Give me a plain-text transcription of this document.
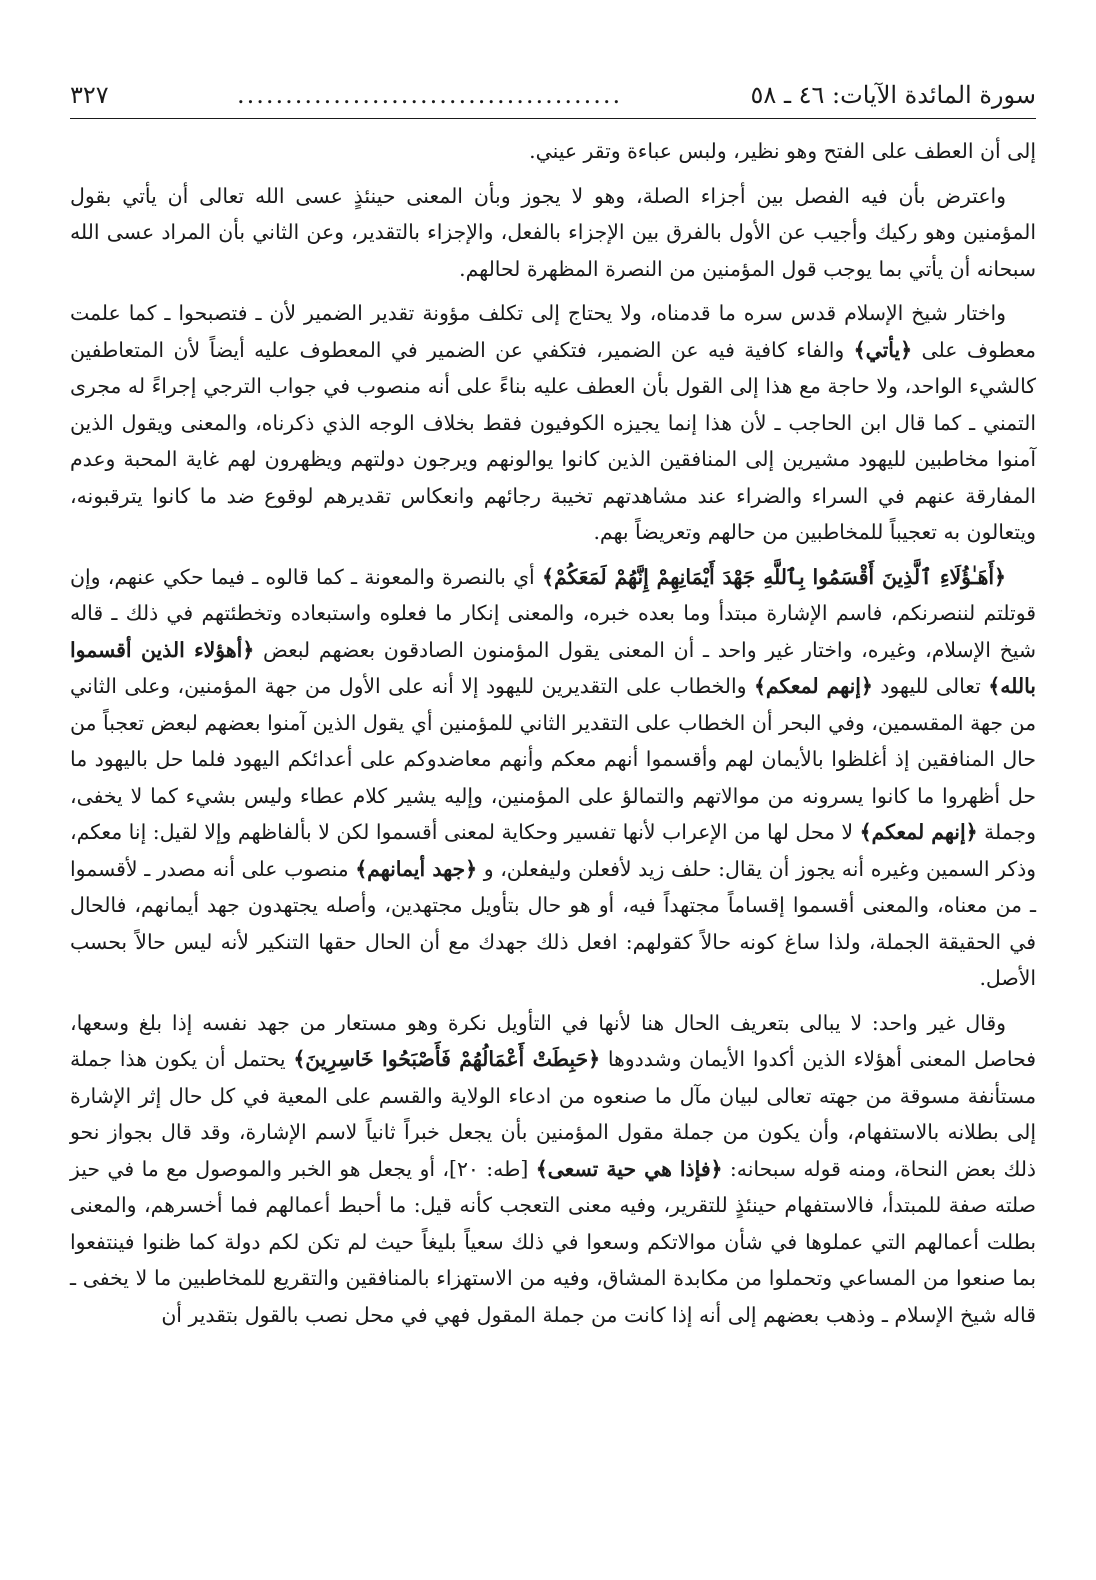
سورة المائدة الآيات: ٤٦ ـ ٥٨
........................................
٣٢٧

إلى أن العطف على الفتح وهو نظير، ولبس عباءة وتقر عيني.

واعترض بأن فيه الفصل بين أجزاء الصلة، وهو لا يجوز وبأن المعنى حينئذٍ عسى الله تعالى أن يأتي بقول المؤمنين وهو ركيك وأجيب عن الأول بالفرق بين الإجزاء بالفعل، والإجزاء بالتقدير، وعن الثاني بأن المراد عسى الله سبحانه أن يأتي بما يوجب قول المؤمنين من النصرة المظهرة لحالهم.

واختار شيخ الإسلام قدس سره ما قدمناه، ولا يحتاج إلى تكلف مؤونة تقدير الضمير لأن ـ فتصبحوا ـ كما علمت معطوف على ﴿يأتي﴾ والفاء كافية فيه عن الضمير، فتكفي عن الضمير في المعطوف عليه أيضاً لأن المتعاطفين كالشيء الواحد، ولا حاجة مع هذا إلى القول بأن العطف عليه بناءً على أنه منصوب في جواب الترجي إجراءً له مجرى التمني ـ كما قال ابن الحاجب ـ لأن هذا إنما يجيزه الكوفيون فقط بخلاف الوجه الذي ذكرناه، والمعنى ويقول الذين آمنوا مخاطبين لليهود مشيرين إلى المنافقين الذين كانوا يوالونهم ويرجون دولتهم ويظهرون لهم غاية المحبة وعدم المفارقة عنهم في السراء والضراء عند مشاهدتهم تخيبة رجائهم وانعكاس تقديرهم لوقوع ضد ما كانوا يترقبونه، ويتعالون به تعجيباً للمخاطبين من حالهم وتعريضاً بهم.

﴿أَهَـٰؤُلَاءِ ٱلَّذِينَ أَقْسَمُوا بِٱللَّهِ جَهْدَ أَيْمَانِهِمْ إِنَّهُمْ لَمَعَكُمْ﴾ أي بالنصرة والمعونة ـ كما قالوه ـ فيما حكي عنهم، وإن قوتلتم لننصرنكم، فاسم الإشارة مبتدأ وما بعده خبره، والمعنى إنكار ما فعلوه واستبعاده وتخطئتهم في ذلك ـ قاله شيخ الإسلام، وغيره، واختار غير واحد ـ أن المعنى يقول المؤمنون الصادقون بعضهم لبعض ﴿أهؤلاء الذين أقسموا بالله﴾ تعالى لليهود ﴿إنهم لمعكم﴾ والخطاب على التقديرين لليهود إلا أنه على الأول من جهة المؤمنين، وعلى الثاني من جهة المقسمين، وفي البحر أن الخطاب على التقدير الثاني للمؤمنين أي يقول الذين آمنوا بعضهم لبعض تعجباً من حال المنافقين إذ أغلظوا بالأيمان لهم وأقسموا أنهم معكم وأنهم معاضدوكم على أعدائكم اليهود فلما حل باليهود ما حل أظهروا ما كانوا يسرونه من موالاتهم والتمالؤ على المؤمنين، وإليه يشير كلام عطاء وليس بشيء كما لا يخفى، وجملة ﴿إنهم لمعكم﴾ لا محل لها من الإعراب لأنها تفسير وحكاية لمعنى أقسموا لكن لا بألفاظهم وإلا لقيل: إنا معكم، وذكر السمين وغيره أنه يجوز أن يقال: حلف زيد لأفعلن وليفعلن، و ﴿جهد أيمانهم﴾ منصوب على أنه مصدر ـ لأقسموا ـ من معناه، والمعنى أقسموا إقساماً مجتهداً فيه، أو هو حال بتأويل مجتهدين، وأصله يجتهدون جهد أيمانهم، فالحال في الحقيقة الجملة، ولذا ساغ كونه حالاً كقولهم: افعل ذلك جهدك مع أن الحال حقها التنكير لأنه ليس حالاً بحسب الأصل.

وقال غير واحد: لا يبالى بتعريف الحال هنا لأنها في التأويل نكرة وهو مستعار من جهد نفسه إذا بلغ وسعها، فحاصل المعنى أهؤلاء الذين أكدوا الأيمان وشددوها ﴿حَبِطَتْ أَعْمَالُهُمْ فَأَصْبَحُوا خَاسِرِينَ﴾ يحتمل أن يكون هذا جملة مستأنفة مسوقة من جهته تعالى لبيان مآل ما صنعوه من ادعاء الولاية والقسم على المعية في كل حال إثر الإشارة إلى بطلانه بالاستفهام، وأن يكون من جملة مقول المؤمنين بأن يجعل خبراً ثانياً لاسم الإشارة، وقد قال بجواز نحو ذلك بعض النحاة، ومنه قوله سبحانه: ﴿فإذا هي حية تسعى﴾ [طه: ٢٠]، أو يجعل هو الخبر والموصول مع ما في حيز صلته صفة للمبتدأ، فالاستفهام حينئذٍ للتقرير، وفيه معنى التعجب كأنه قيل: ما أحبط أعمالهم فما أخسرهم، والمعنى بطلت أعمالهم التي عملوها في شأن موالاتكم وسعوا في ذلك سعياً بليغاً حيث لم تكن لكم دولة كما ظنوا فينتفعوا بما صنعوا من المساعي وتحملوا من مكابدة المشاق، وفيه من الاستهزاء بالمنافقين والتقريع للمخاطبين ما لا يخفى ـ قاله شيخ الإسلام ـ وذهب بعضهم إلى أنه إذا كانت من جملة المقول فهي في محل نصب بالقول بتقدير أن
